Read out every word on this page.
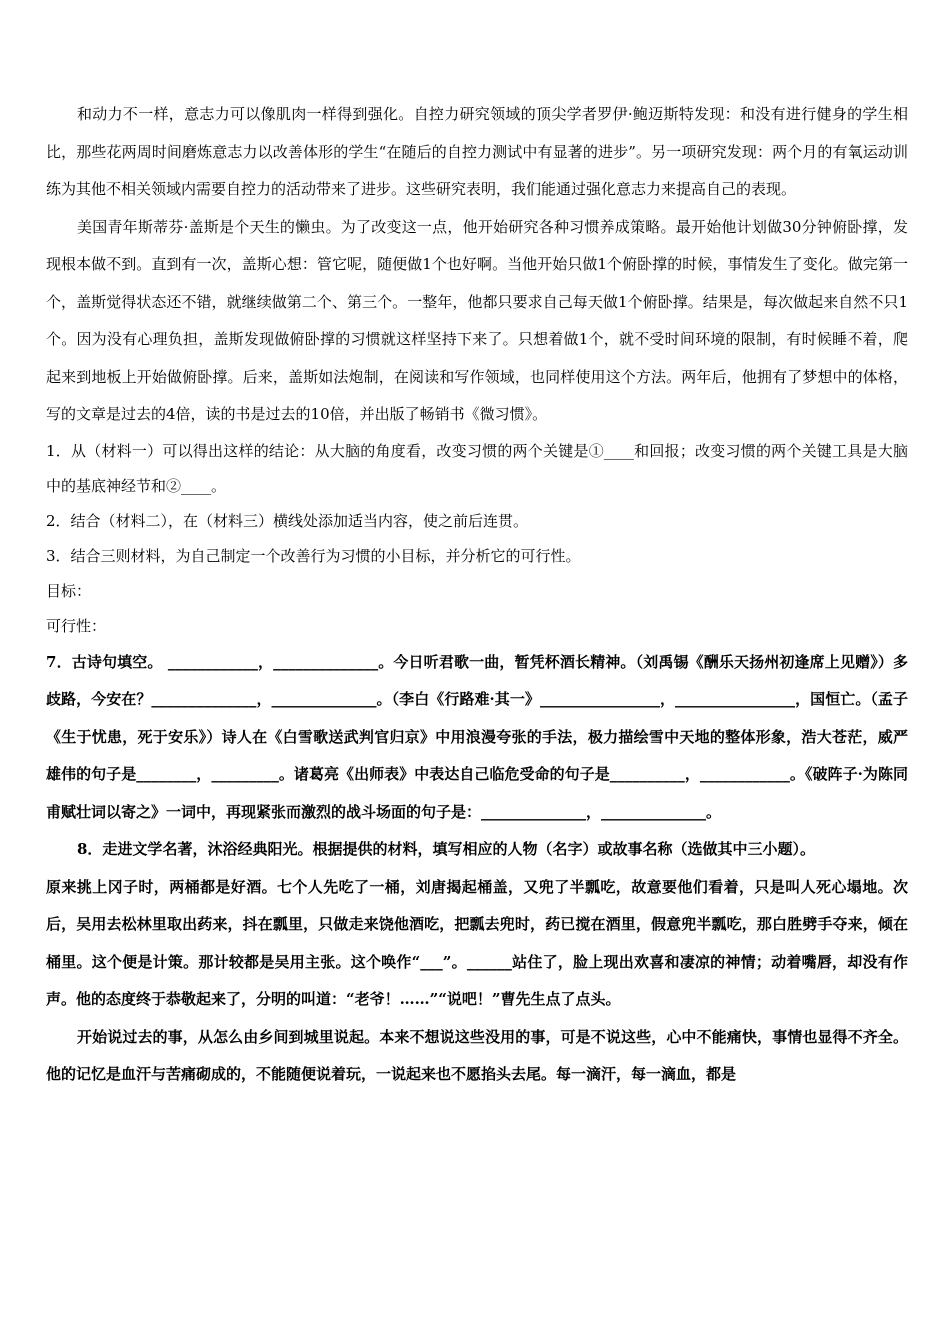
和动力不一样，意志力可以像肌肉一样得到强化。自控力研究领域的顶尖学者罗伊·鲍迈斯特发现：和没有进行健身的学生相比，那些花两周时间磨炼意志力以改善体形的学生“在随后的自控力测试中有显著的进步”。另一项研究发现：两个月的有氧运动训练为其他不相关领域内需要自控力的活动带来了进步。这些研究表明，我们能通过强化意志力来提高自己的表现。

美国青年斯蒂芬·盖斯是个天生的懒虫。为了改变这一点，他开始研究各种习惯养成策略。最开始他计划做30分钟俯卧撑，发现根本做不到。直到有一次，盖斯心想：管它呢，随便做1个也好啊。当他开始只做1个俯卧撑的时候，事情发生了变化。做完第一个，盖斯觉得状态还不错，就继续做第二个、第三个。一整年，他都只要求自己每天做1个俯卧撑。结果是，每次做起来自然不只1个。因为没有心理负担，盖斯发现做俯卧撑的习惯就这样坚持下来了。只想着做1个，就不受时间环境的限制，有时候睡不着，爬起来到地板上开始做俯卧撑。后来，盖斯如法炮制，在阅读和写作领域，也同样使用这个方法。两年后，他拥有了梦想中的体格，写的文章是过去的4倍，读的书是过去的10倍，并出版了畅销书《微习惯》。

1．从（材料一）可以得出这样的结论：从大脑的角度看，改变习惯的两个关键是①____和回报；改变习惯的两个关键工具是大脑中的基底神经节和②____。

2．结合（材料二），在（材料三）横线处添加适当内容，使之前后连贯。

3．结合三则材料，为自己制定一个改善行为习惯的小目标，并分析它的可行性。

目标：

可行性：

7．古诗句填空。 ____________，______________。今日听君歌一曲，暂凭杯酒长精神。（刘禹锡《酬乐天扬州初逢席上见赠》）多歧路，今安在？______________，______________。（李白《行路难·其一》________________，________________，国恒亡。（孟子《生于忧患，死于安乐》）诗人在《白雪歌送武判官归京》中用浪漫夸张的手法，极力描绘雪中天地的整体形象，浩大苍茫，威严雄伟的句子是________，_________。诸葛亮《出师表》中表达自己临危受命的句子是__________，____________。《破阵子·为陈同甫赋壮词以寄之》一词中，再现紧张而激烈的战斗场面的句子是：______________，______________。

8．走进文学名著，沐浴经典阳光。根据提供的材料，填写相应的人物（名字）或故事名称（选做其中三小题）。

原来挑上冈子时，两桶都是好酒。七个人先吃了一桶，刘唐揭起桶盖，又兜了半瓢吃，故意要他们看着，只是叫人死心塌地。次后，吴用去松林里取出药来，抖在瓢里，只做走来饶他酒吃，把瓢去兜时，药已搅在酒里，假意兜半瓢吃，那白胜劈手夺来，倾在桶里。这个便是计策。那计较都是吴用主张。这个唤作“___”。______站住了，脸上现出欢喜和凄凉的神情；动着嘴唇，却没有作声。他的态度终于恭敬起来了，分明的叫道：“老爷！……”“说吧！”曹先生点了点头。

开始说过去的事，从怎么由乡间到城里说起。本来不想说这些没用的事，可是不说这些，心中不能痛快，事情也显得不齐全。他的记忆是血汗与苦痛砌成的，不能随便说着玩，一说起来也不愿掐头去尾。每一滴汗，每一滴血，都是
